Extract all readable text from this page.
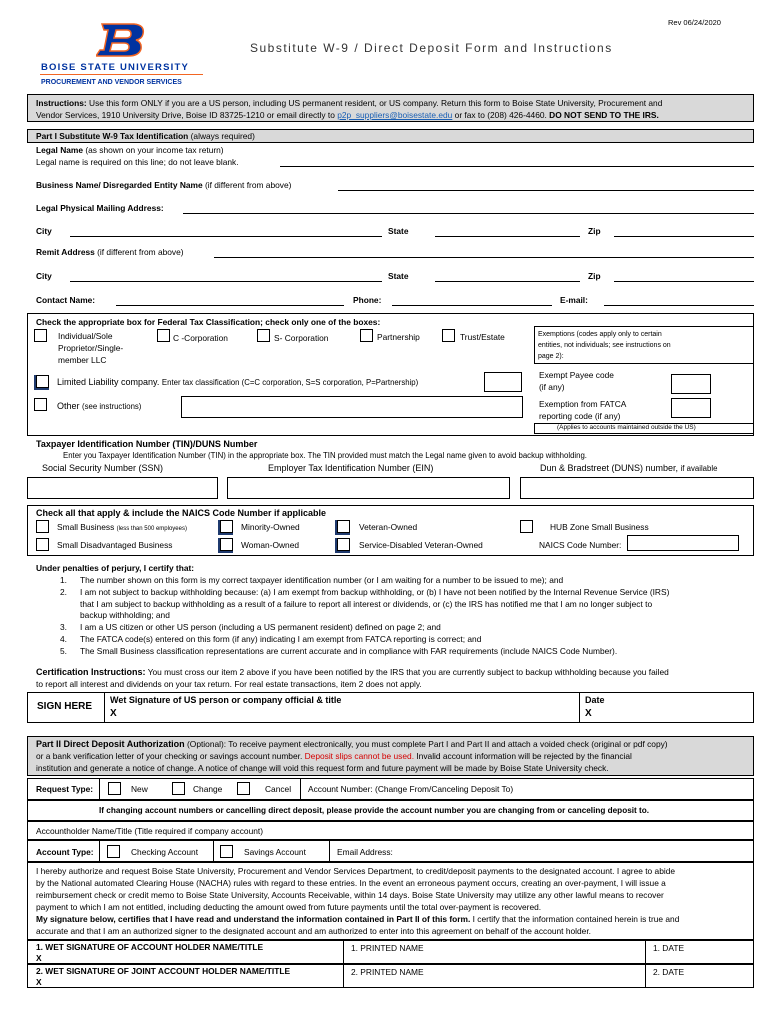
Rev 06/24/2020
BOISE STATE UNIVERSITY
PROCUREMENT AND VENDOR SERVICES
Substitute W-9 / Direct Deposit Form and Instructions
Instructions: Use this form ONLY if you are a US person, including US permanent resident, or US company. Return this form to Boise State University, Procurement and
Vendor Services, 1910 University Drive, Boise ID 83725-1210 or email directly to p2p_suppliers@boisestate.edu or fax to (208) 426-4460. DO NOT SEND TO THE IRS.
Part I Substitute W-9 Tax Identification (always required)
Legal Name (as shown on your income tax return)
Legal name is required on this line; do not leave blank.
Business Name/ Disregarded Entity Name (if different from above)
Legal Physical Mailing Address:
City	State	Zip
Remit Address (if different from above)
City	State	Zip
Contact Name:	Phone:	E-mail:
Check the appropriate box for Federal Tax Classification; check only one of the boxes:
Individual/Sole
Proprietor/Single-
member LLC
C -Corporation	S- Corporation	Partnership	Trust/Estate	Exemptions (codes apply only to certain
entities, not individuals; see instructions on
page 2):
Limited Liability company. Enter tax classification (C=C corporation, S=S corporation, P=Partnership)
Exempt Payee code
(if any)
Other (see instructions)	Exemption from FATCA
reporting code (if any)
(Applies to accounts maintained outside the US)
Taxpayer Identification Number (TIN)/DUNS Number
Enter you Taxpayer Identification Number (TIN) in the appropriate box. The TIN provided must match the Legal name given to avoid backup withholding.
Social Security Number (SSN)	Employer Tax Identification Number (EIN)	Dun & Bradstreet (DUNS) number, if available
Check all that apply & include the NAICS Code Number if applicable
Small Business (less than 500 employees)	Minority-Owned	Veteran-Owned	HUB Zone Small Business
Small Disadvantaged Business	Woman-Owned	Service-Disabled Veteran-Owned	NAICS Code Number:
Under penalties of perjury, I certify that:
1. The number shown on this form is my correct taxpayer identification number (or I am waiting for a number to be issued to me); and
2. I am not subject to backup withholding because: (a) I am exempt from backup withholding, or (b) I have not been notified by the Internal Revenue Service (IRS)
that I am subject to backup withholding as a result of a failure to report all interest or dividends, or (c) the IRS has notified me that I am no longer subject to
backup withholding; and
3. I am a US citizen or other US person (including a US permanent resident) defined on page 2; and
4. The FATCA code(s) entered on this form (if any) indicating I am exempt from FATCA reporting is correct; and
5. The Small Business classification representations are current accurate and in compliance with FAR requirements (include NAICS Code Number).
Certification Instructions: You must cross our item 2 above if you have been notified by the IRS that you are currently subject to backup withholding because you failed
to report all interest and dividends on your tax return. For real estate transactions, item 2 does not apply.
SIGN HERE
Wet Signature of US person or company official & title
X
Date
X
Part II Direct Deposit Authorization (Optional): To receive payment electronically, you must complete Part I and Part II and attach a voided check (original or pdf copy)
or a bank verification letter of your checking or savings account number. Deposit slips cannot be used. Invalid account information will be rejected by the financial
institution and generate a notice of change. A notice of change will void this request form and future payment will be made by Boise State University check.
Request Type:	New	Change	Cancel Account Number: (Change From/Canceling Deposit To)
If changing account numbers or cancelling direct deposit, please provide the account number you are changing from or canceling deposit to.
Accountholder Name/Title (Title required if company account)
Account Type:	Checking Account	Savings Account	Email Address:
I hereby authorize and request Boise State University, Procurement and Vendor Services Department, to credit/deposit payments to the designated account. I agree to abide
by the National automated Clearing House (NACHA) rules with regard to these entries. In the event an erroneous payment occurs, creating an over-payment, I will issue a
reimbursement check or credit memo to Boise State University, Accounts Receivable, within 14 days. Boise State University may utilize any other lawful means to recover
payment to which I am not entitled, including deducting the amount owed from future payments until the total over-payment is recovered.
My signature below, certifies that I have read and understand the information contained in Part II of this form. I certify that the information contained herein is true and
accurate and that I am an authorized signer to the designated account and am authorized to enter into this agreement on behalf of the account holder.
1. WET SIGNATURE OF ACCOUNT HOLDER NAME/TITLE
X
1. PRINTED NAME	1. DATE
2. WET SIGNATURE OF JOINT ACCOUNT HOLDER NAME/TITLE
X
2. PRINTED NAME	2. DATE
